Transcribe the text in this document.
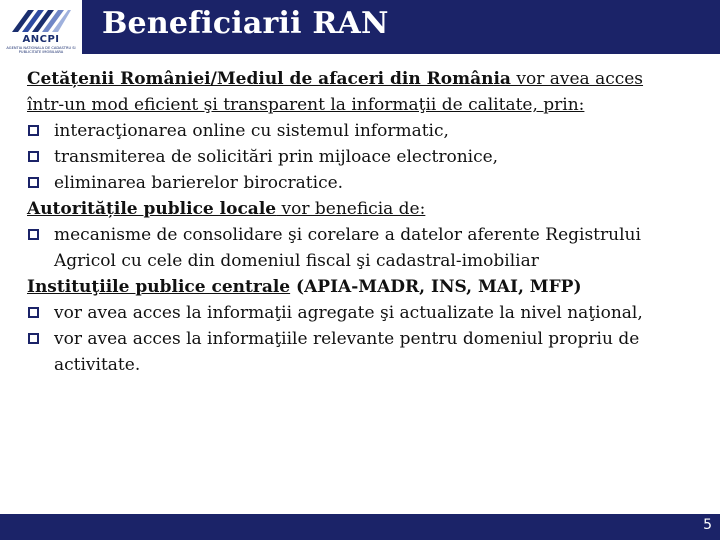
ANCPI
AGENTIA NATIONALA DE CADASTRU SI PUBLICITATE IMOBILIARA
Beneficiarii RAN

Cetățenii României/Mediul de afaceri din România vor avea acces
într-un mod eficient şi transparent la informaţii de calitate, prin:

interacţionarea online cu sistemul informatic,

transmiterea de solicitări prin mijloace electronice,

eliminarea barierelor birocratice.

Autoritățile publice locale vor beneficia de:

mecanisme de consolidare şi corelare a datelor aferente Registrului Agricol cu cele din domeniul fiscal şi cadastral-imobiliar

Instituţiile publice centrale (APIA-MADR, INS, MAI, MFP)

vor avea acces la informaţii agregate şi actualizate la nivel naţional,

vor avea acces la informaţiile relevante pentru domeniul propriu de activitate.

5
